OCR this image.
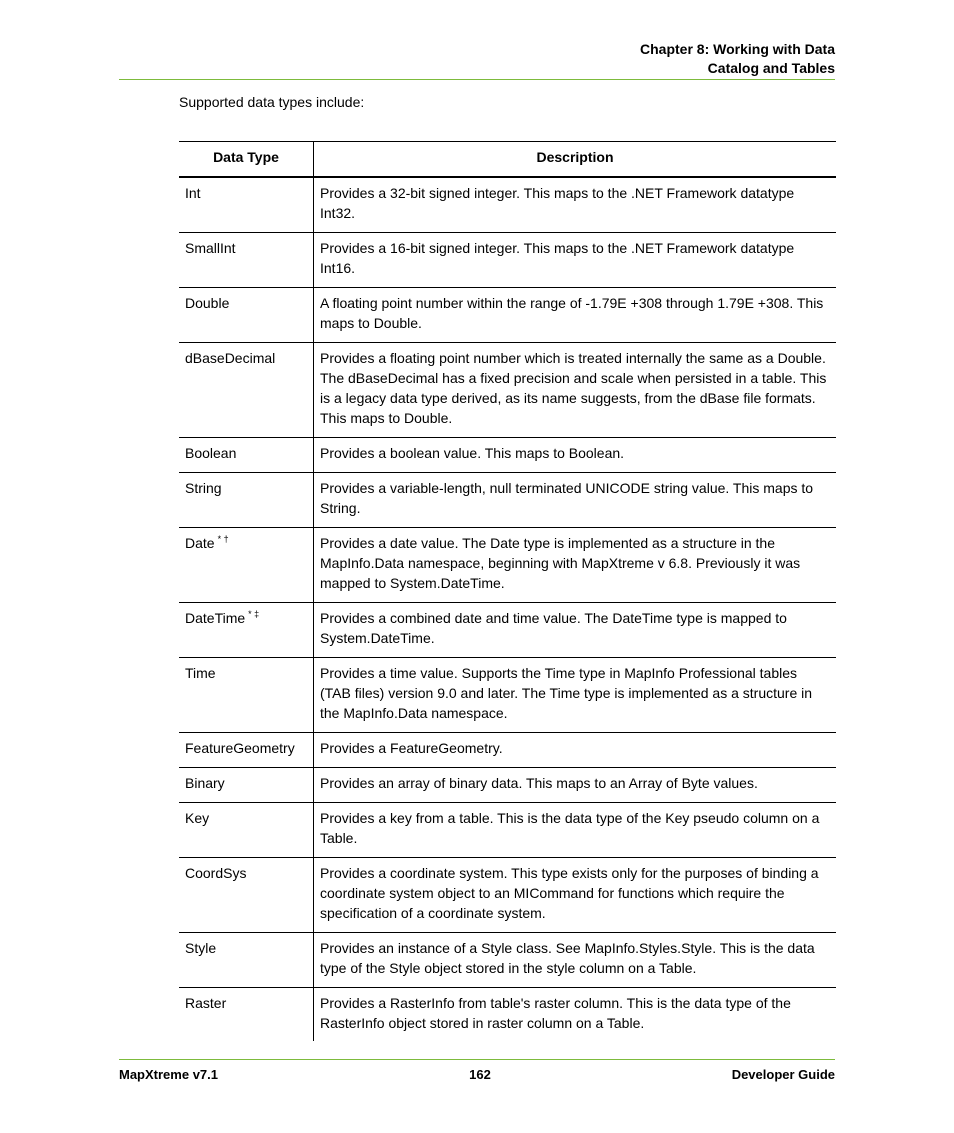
Chapter 8: Working with Data
Catalog and Tables
Supported data types include:
Data Type	Description
Int	Provides a 32-bit signed integer. This maps to the .NET Framework datatype Int32.
SmallInt	Provides a 16-bit signed integer. This maps to the .NET Framework datatype Int16.
Double	A floating point number within the range of -1.79E +308 through 1.79E +308. This maps to Double.
dBaseDecimal	Provides a floating point number which is treated internally the same as a Double. The dBaseDecimal has a fixed precision and scale when persisted in a table. This is a legacy data type derived, as its name suggests, from the dBase file formats. This maps to Double.
Boolean	Provides a boolean value. This maps to Boolean.
String	Provides a variable-length, null terminated UNICODE string value. This maps to String.
Date * †	Provides a date value. The Date type is implemented as a structure in the MapInfo.Data namespace, beginning with MapXtreme v 6.8. Previously it was mapped to System.DateTime.
DateTime * ‡	Provides a combined date and time value. The DateTime type is mapped to System.DateTime.
Time	Provides a time value. Supports the Time type in MapInfo Professional tables (TAB files) version 9.0 and later. The Time type is implemented as a structure in the MapInfo.Data namespace.
FeatureGeometry	Provides a FeatureGeometry.
Binary	Provides an array of binary data. This maps to an Array of Byte values.
Key	Provides a key from a table. This is the data type of the Key pseudo column on a Table.
CoordSys	Provides a coordinate system. This type exists only for the purposes of binding a coordinate system object to an MICommand for functions which require the specification of a coordinate system.
Style	Provides an instance of a Style class. See MapInfo.Styles.Style. This is the data type of the Style object stored in the style column on a Table.
Raster	Provides a RasterInfo from table's raster column. This is the data type of the RasterInfo object stored in raster column on a Table.
MapXtreme v7.1	162	Developer Guide
